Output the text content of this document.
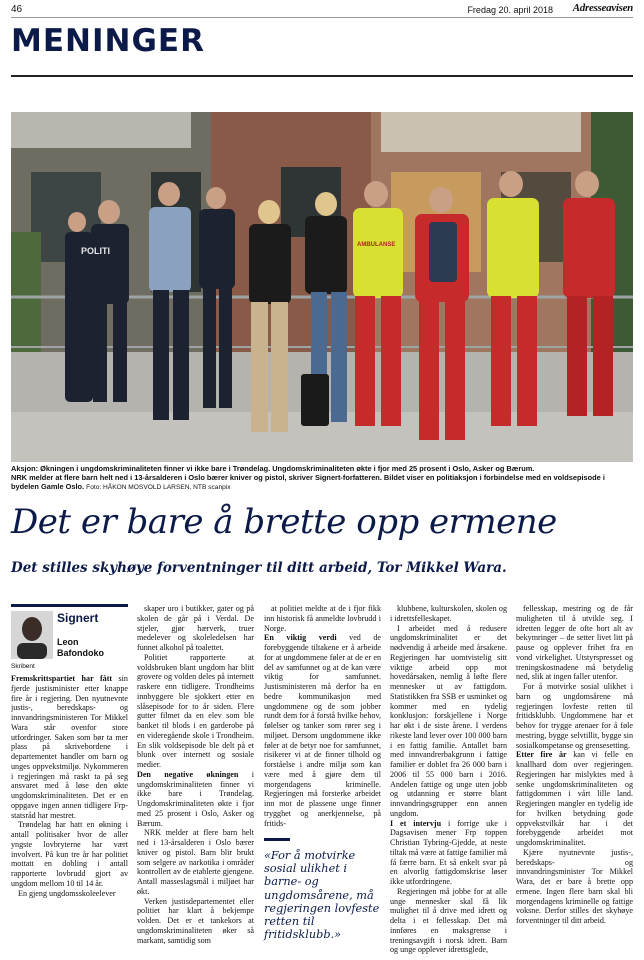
46	Fredag 20. april 2018 Adresseavisen
MENINGER
POLITI
AMBULANSE
Aksjon: Økningen i ungdomskriminaliteten finner vi ikke bare i Trøndelag. Ungdomskriminaliteten økte i fjor med 25 prosent i Oslo, Asker og Bærum.
NRK melder at flere barn helt ned i 13-årsalderen i Oslo bærer kniver og pistol, skriver Signert-forfatteren. Bildet viser en politiaksjon i forbindelse med en voldsepisode i bydelen Gamle Oslo. Foto: HÅKON MOSVOLD LARSEN, NTB scanpix
Det er bare å brette opp ermene
Det stilles skyhøye forventninger til ditt arbeid, Tor Mikkel Wara.
Signert
Leon
Bafondoko
Skribent

Fremskrittspartiet har fått sin fjerde justisminister etter knappe fire år i regjering. Den nyutnevnte justis-, beredskaps- og innvandringsministeren Tor Mikkel Wara står ovenfor store utfordringer. Saken som bør ta mer plass på skrivebordene i departementet handler om barn og unges oppvekstmiljø. Nykommeren i regjeringen må raskt ta på seg ansvaret med å løse den økte ungdomskriminaliteten. Det er en oppgave ingen annen tidligere Frp-statsråd har mestret.

Trøndelag har hatt en økning i antall politisaker hvor de aller yngste lovbryterne har vært involvert. På kun tre år har politiet mottatt en dobling i antall rapporterte lovbrudd gjort av ungdom mellom 10 til 14 år.

En gjeng ungdomsskoleelever

skaper uro i butikker, gater og på skolen de går på i Verdal. De stjeler, gjør hærverk, truer medelever og skoleledelsen har funnet alkohol på toalettet.

Politiet rapporterte at voldsbruken blant ungdom har blitt grovere og volden deles på internett raskere enn tidligere. Trondheims innbyggere ble sjokkert etter en slåsepisode for to år siden. Flere gutter filmet da en elev som ble banket til blods i en garderobe på en videregående skole i Trondheim. En slik voldsepisode ble delt på et blunk over internett og sosiale medier.

Den negative økningen i ungdomskriminaliteten finner vi ikke bare i Trøndelag. Ungdomskriminaliteten økte i fjor med 25 prosent i Oslo, Asker og Bærum.

NRK melder at flere barn helt ned i 13-årsalderen i Oslo bærer kniver og pistol. Barn blir brukt som selgere av narkotika i områder kontrollert av de etablerte gjengene. Antall masseslagsmål i miljøet har økt.

Verken justisdepartementet eller politiet har klart å bekjempe volden. Det er et tankekors at ungdomskriminaliteten øker så markant, samtidig som

at politiet meldte at de i fjor fikk inn historisk få anmeldte lovbrudd i Norge.

En viktig verdi ved de forebyggende tiltakene er å arbeide for at ungdommene føler at de er en del av samfunnet og at de kan være viktig for samfunnet. Justisministeren må derfor ha en bedre kommunikasjon med ungdommene og de som jobber rundt dem for å forstå hvilke behov, følelser og tanker som rører seg i miljøet. Dersom ungdommene ikke føler at de betyr noe for samfunnet, risikerer vi at de finner tilhold og forståelse i andre miljø som kan være med å gjøre dem til morgendagens kriminelle. Regjeringen må forsterke arbeidet inn mot de plassene unge finner trygghet og anerkjennelse, på fritids-

klubbene, kulturskolen, skolen og i idrettsfelleskapet.

I arbeidet med å redusere ungdomskriminalitet er det nødvendig å arbeide med årsakene. Regjeringen har uomtvistelig sitt viktige arbeid opp mot hovedårsaken, nemlig å løfte flere mennesker ut av fattigdom. Statistikken fra SSB er usminket og kommer med en tydelig konklusjon: forskjellene i Norge har økt i de siste årene. I verdens rikeste land lever over 100 000 barn i en fattig familie. Antallet barn med innvandrerbakgrunn i fattige familier er doblet fra 26 000 barn i 2006 til 55 000 barn i 2016. Andelen fattige og unge uten jobb og utdanning er større blant innvandringsgrupper enn annen ungdom.

I et intervju i forrige uke i Dagsavisen mener Frp toppen Christian Tybring-Gjedde, at neste tiltak må være at fattige familier må få færre barn. Et så enkelt svar på en alvorlig fattigdomskrise løser ikke utfordringene.

Regjeringen må jobbe for at alle unge mennesker skal få lik mulighet til å drive med idrett og delta i et fellesskap. Det må innføres en maksgrense i treningsavgift i norsk idrett. Barn og unge opplever idrettsglede,

fellesskap, mestring og de får muligheten til å utvikle seg. I idretten legger de ofte bort alt av bekymringer – de setter livet litt på pause og opplever frihet fra en vond virkelighet. Utstyrspresset og treningskostnadene må betydelig ned, slik at ingen faller utenfor.

For å motvirke sosial ulikhet i barn og ungdomsårene må regjeringen lovfeste retten til fritidsklubb. Ungdommene har et behov for trygge arenaer for å føle mestring, bygge selvtillit, bygge sin sosialkompetanse og grensesetting.

Etter fire år kan vi felle en knallhard dom over regjeringen. Regjeringen har mislyktes med å senke ungdomskriminaliteten og fattigdommen i vårt lille land. Regjeringen mangler en tydelig ide for hvilken betydning gode oppvekstvilkår har i det forebyggende arbeidet mot ungdomskriminalitet.

Kjære nyutnevnte justis-, beredskaps- og innvandringsminister Tor Mikkel Wara, det er bare å brette opp ermene. Ingen flere barn skal bli morgendagens kriminelle og fattige voksne. Derfor stilles det skyhøye forventninger til ditt arbeid.

«For å motvirke sosial ulikhet i barne- og ungdomsårene, må regjeringen lovfeste retten til fritidsklubb.»
